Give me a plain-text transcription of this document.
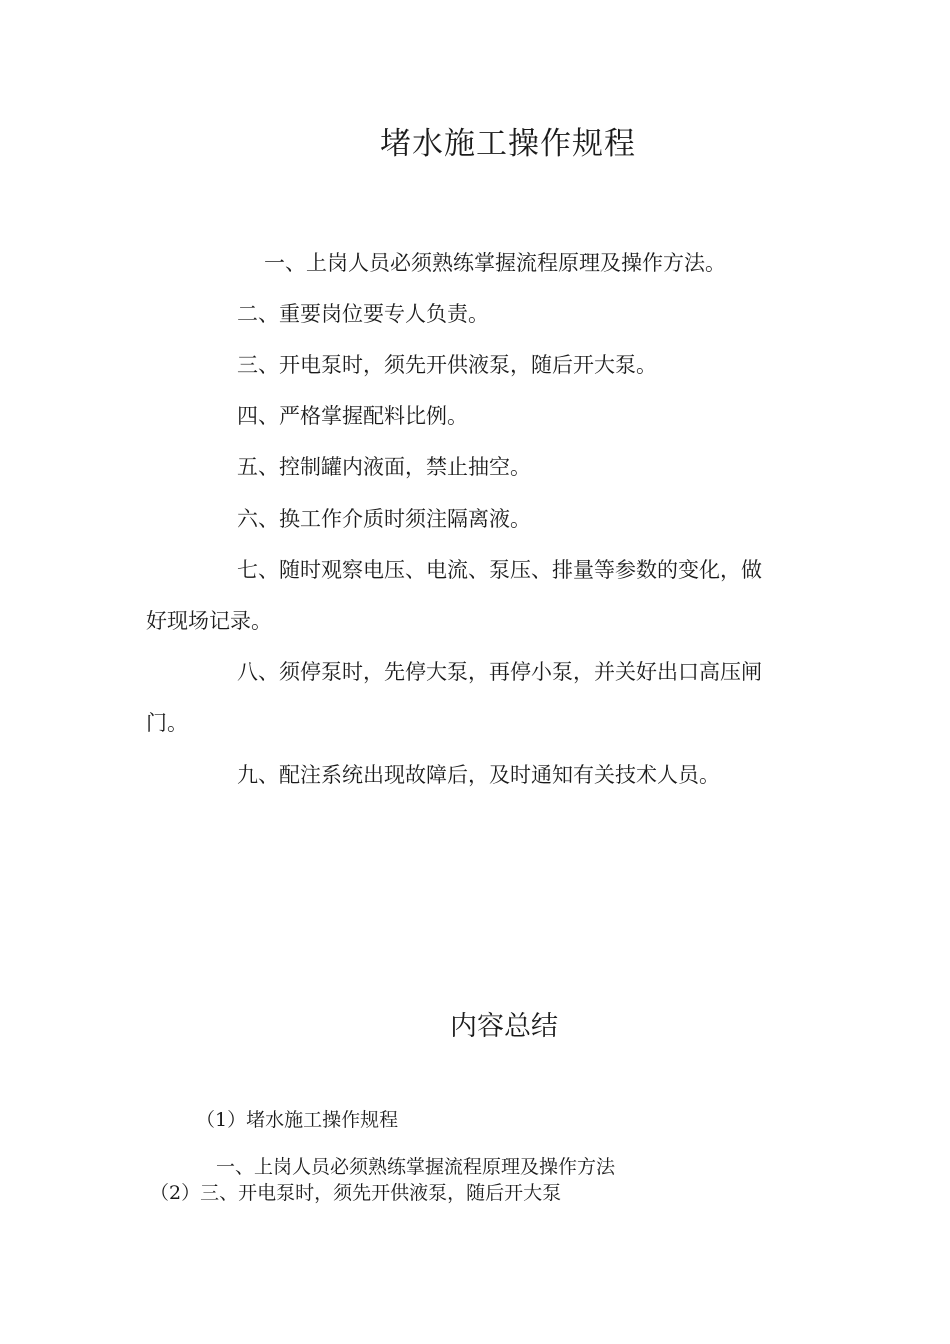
堵水施工操作规程

一、上岗人员必须熟练掌握流程原理及操作方法。

二、重要岗位要专人负责。

三、开电泵时，须先开供液泵，随后开大泵。

四、严格掌握配料比例。

五、控制罐内液面，禁止抽空。

六、换工作介质时须注隔离液。

七、随时观察电压、电流、泵压、排量等参数的变化，做

好现场记录。

八、须停泵时，先停大泵，再停小泵，并关好出口高压闸

门。

九、配注系统出现故障后，及时通知有关技术人员。

内容总结

（1）堵水施工操作规程

一、上岗人员必须熟练掌握流程原理及操作方法

（2）三、开电泵时，须先开供液泵，随后开大泵
